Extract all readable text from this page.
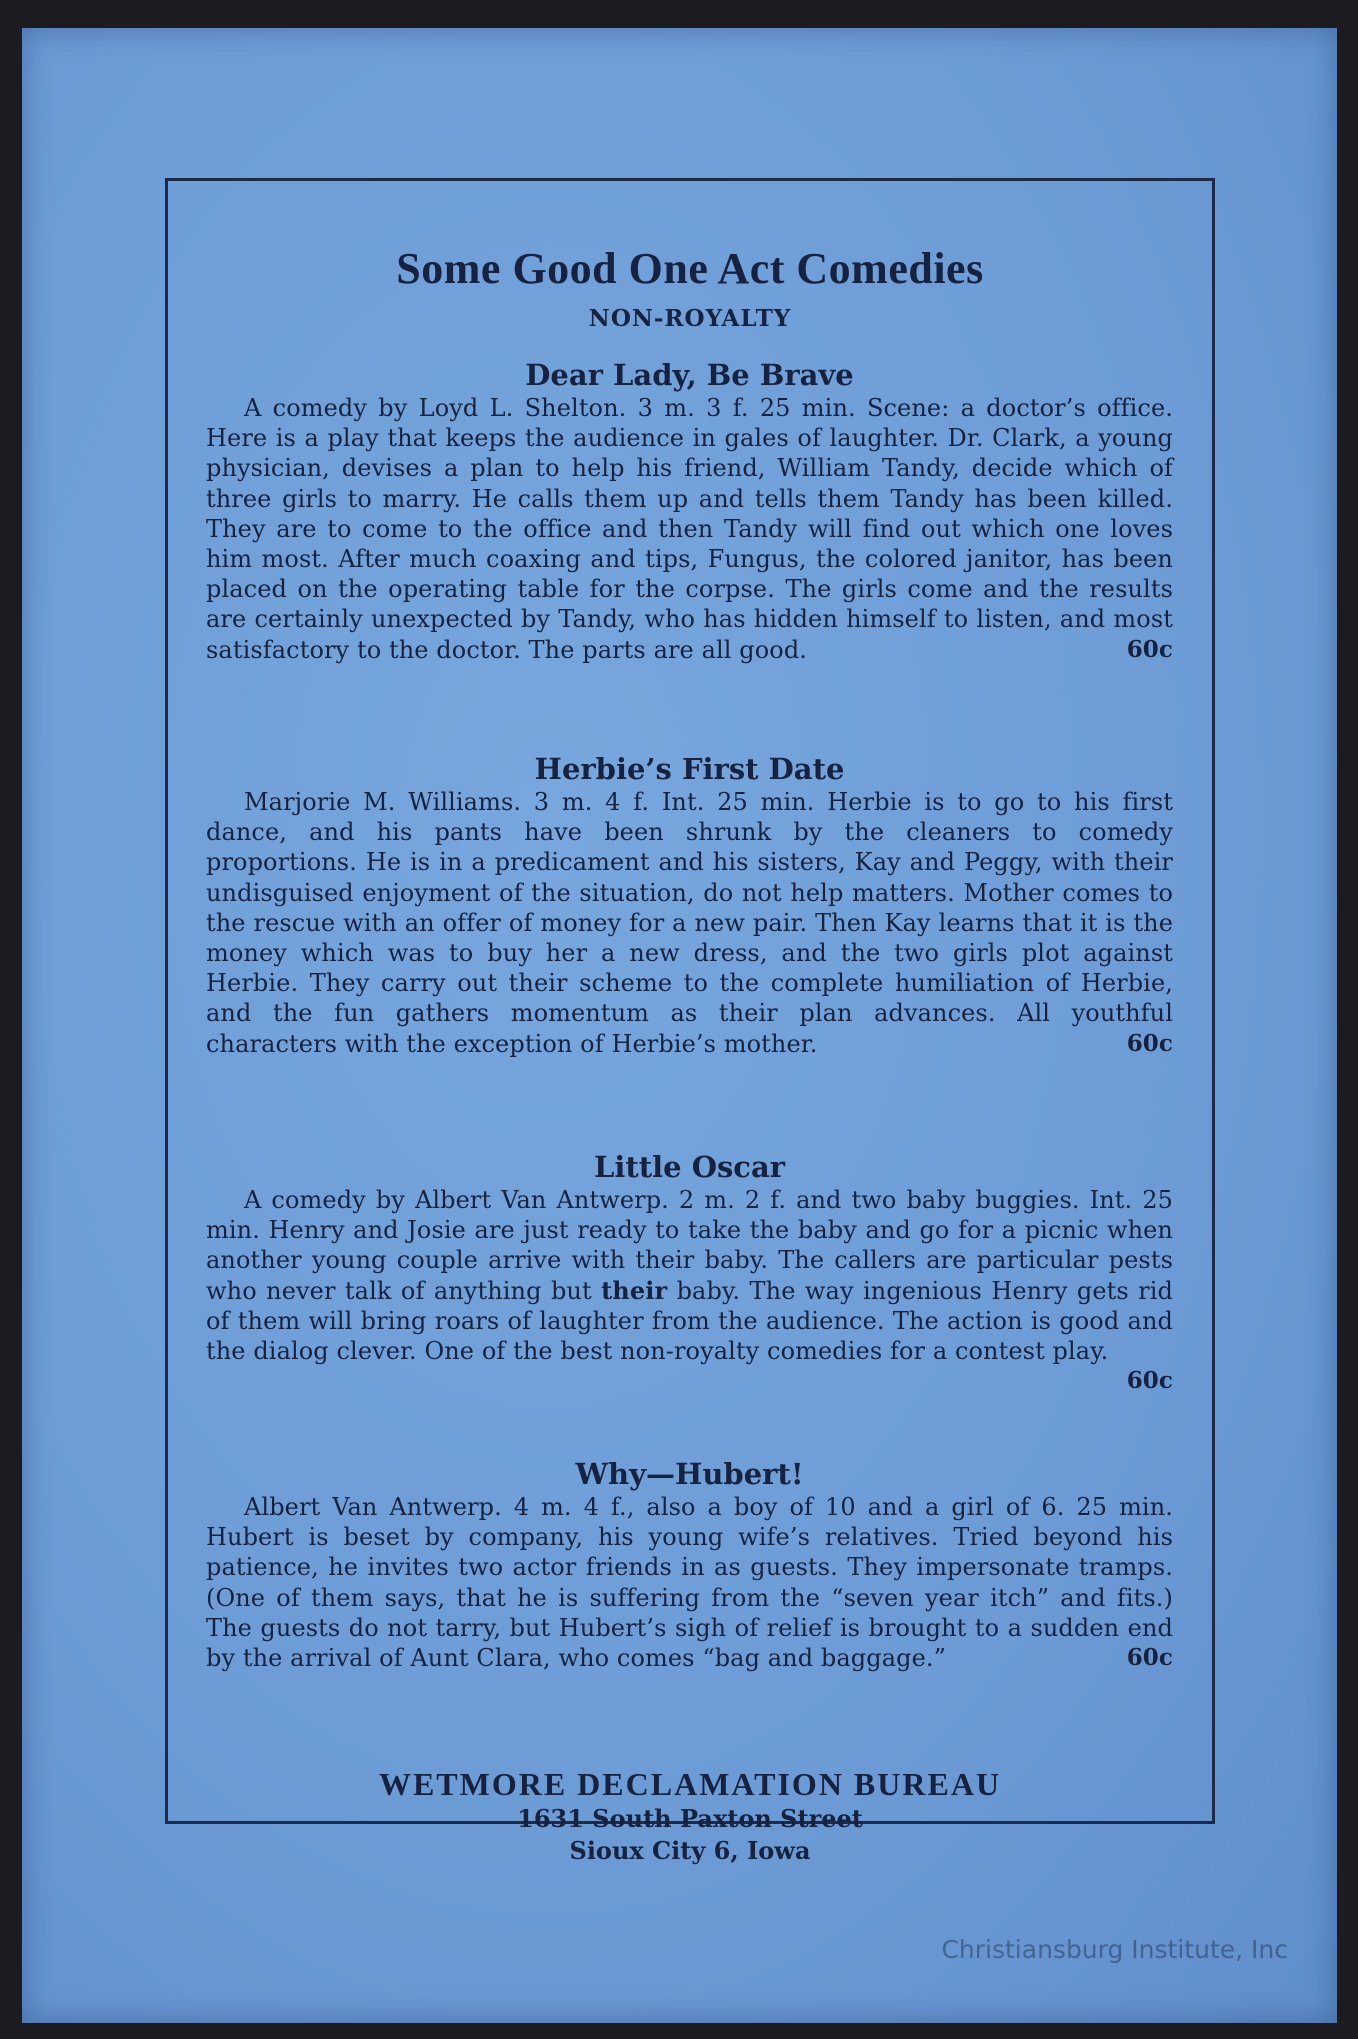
Some Good One Act Comedies
NON-ROYALTY
Dear Lady, Be Brave

A comedy by Loyd L. Shelton. 3 m. 3 f. 25 min. Scene: a doctor’s office. Here is a play that keeps the audience in gales of laughter. Dr. Clark, a young physician, devises a plan to help his friend, William Tandy, decide which of three girls to marry. He calls them up and tells them Tandy has been killed. They are to come to the office and then Tandy will find out which one loves him most. After much coaxing and tips, Fungus, the colored janitor, has been placed on the operating table for the corpse. The girls come and the results are certainly unexpected by Tandy, who has hidden himself to listen, and most satisfactory to the doctor. The parts are all good.	60c

Herbie’s First Date

Marjorie M. Williams. 3 m. 4 f. Int. 25 min. Herbie is to go to his first dance, and his pants have been shrunk by the cleaners to comedy proportions. He is in a predicament and his sisters, Kay and Peggy, with their undisguised enjoyment of the situation, do not help matters. Mother comes to the rescue with an offer of money for a new pair. Then Kay learns that it is the money which was to buy her a new dress, and the two girls plot against Herbie. They carry out their scheme to the complete humiliation of Herbie, and the fun gathers momentum as their plan advances. All youthful characters with the exception of Herbie’s mother.	60c

Little Oscar

A comedy by Albert Van Antwerp. 2 m. 2 f. and two baby buggies. Int. 25 min. Henry and Josie are just ready to take the baby and go for a picnic when another young couple arrive with their baby. The callers are particular pests who never talk of anything but their baby. The way ingenious Henry gets rid of them will bring roars of laughter from the audience. The action is good and the dialog clever. One of the best non-royalty comedies for a contest play.
60c

Why—Hubert!

Albert Van Antwerp. 4 m. 4 f., also a boy of 10 and a girl of 6. 25 min. Hubert is beset by company, his young wife’s relatives. Tried beyond his patience, he invites two actor friends in as guests. They impersonate tramps. (One of them says, that he is suffering from the “seven year itch” and fits.) The guests do not tarry, but Hubert’s sigh of relief is brought to a sudden end by the arrival of Aunt Clara, who comes “bag and baggage.”	60c

WETMORE DECLAMATION BUREAU
1631 South Paxton Street
Sioux City 6, Iowa
Christiansburg Institute, Inc
